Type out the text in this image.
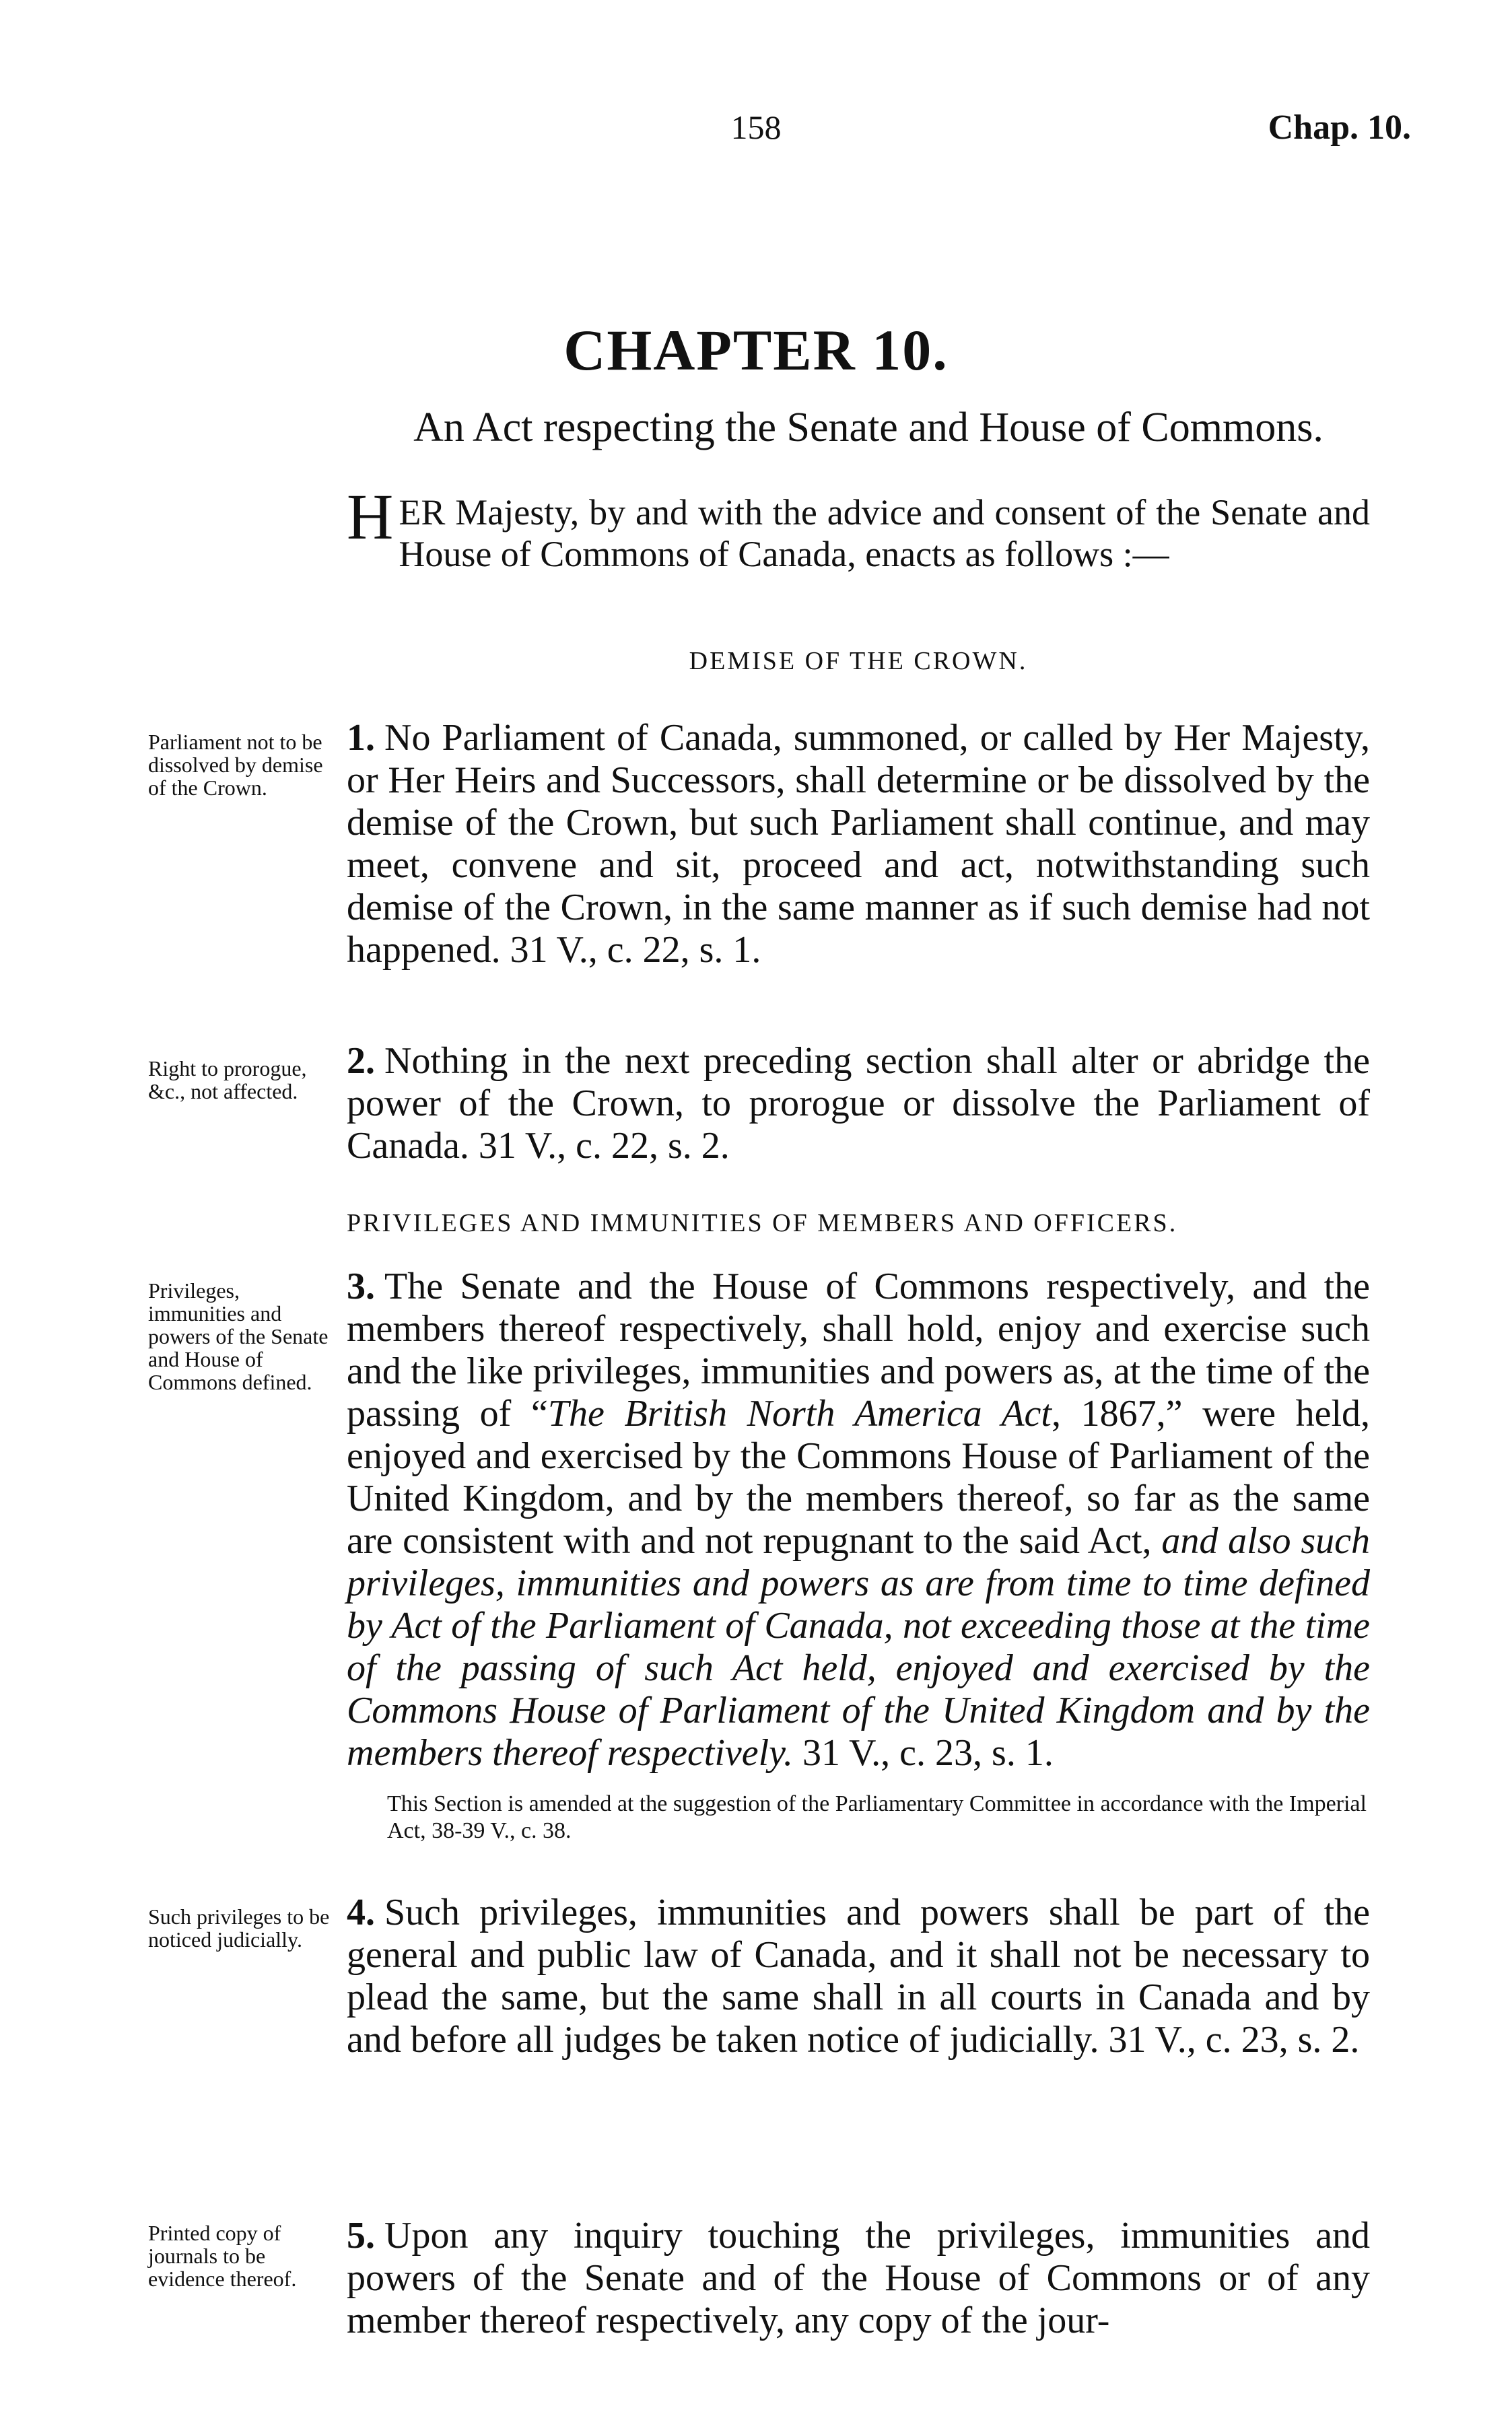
158	Chap. 10.
CHAPTER 10.
An Act respecting the Senate and House of Commons.
HER Majesty, by and with the advice and consent of the Senate and House of Commons of Canada, enacts as follows :—
DEMISE OF THE CROWN.
Parliament not to be dissolved by demise of the Crown.
1. No Parliament of Canada, summoned, or called by Her Majesty, or Her Heirs and Successors, shall determine or be dissolved by the demise of the Crown, but such Parliament shall continue, and may meet, convene and sit, proceed and act, notwithstanding such demise of the Crown, in the same manner as if such demise had not happened. 31 V., c. 22, s. 1.
Right to prorogue, &c., not affected.
2. Nothing in the next preceding section shall alter or abridge the power of the Crown, to prorogue or dissolve the Parliament of Canada. 31 V., c. 22, s. 2.
PRIVILEGES AND IMMUNITIES OF MEMBERS AND OFFICERS.
Privileges, immunities and powers of the Senate and House of Commons defined.
3. The Senate and the House of Commons respectively, and the members thereof respectively, shall hold, enjoy and exercise such and the like privileges, immunities and powers as, at the time of the passing of “The British North America Act, 1867,” were held, enjoyed and exercised by the Commons House of Parliament of the United Kingdom, and by the members thereof, so far as the same are consistent with and not repugnant to the said Act, and also such privileges, immunities and powers as are from time to time defined by Act of the Parliament of Canada, not exceeding those at the time of the passing of such Act held, enjoyed and exercised by the Commons House of Parliament of the United Kingdom and by the members thereof respectively. 31 V., c. 23, s. 1.
This Section is amended at the suggestion of the Parliamentary Committee in accordance with the Imperial Act, 38-39 V., c. 38.
Such privileges to be noticed judicially.
4. Such privileges, immunities and powers shall be part of the general and public law of Canada, and it shall not be necessary to plead the same, but the same shall in all courts in Canada and by and before all judges be taken notice of judicially. 31 V., c. 23, s. 2.
Printed copy of journals to be evidence thereof.
5. Upon any inquiry touching the privileges, immunities and powers of the Senate and of the House of Commons or of any member thereof respectively, any copy of the jour-
